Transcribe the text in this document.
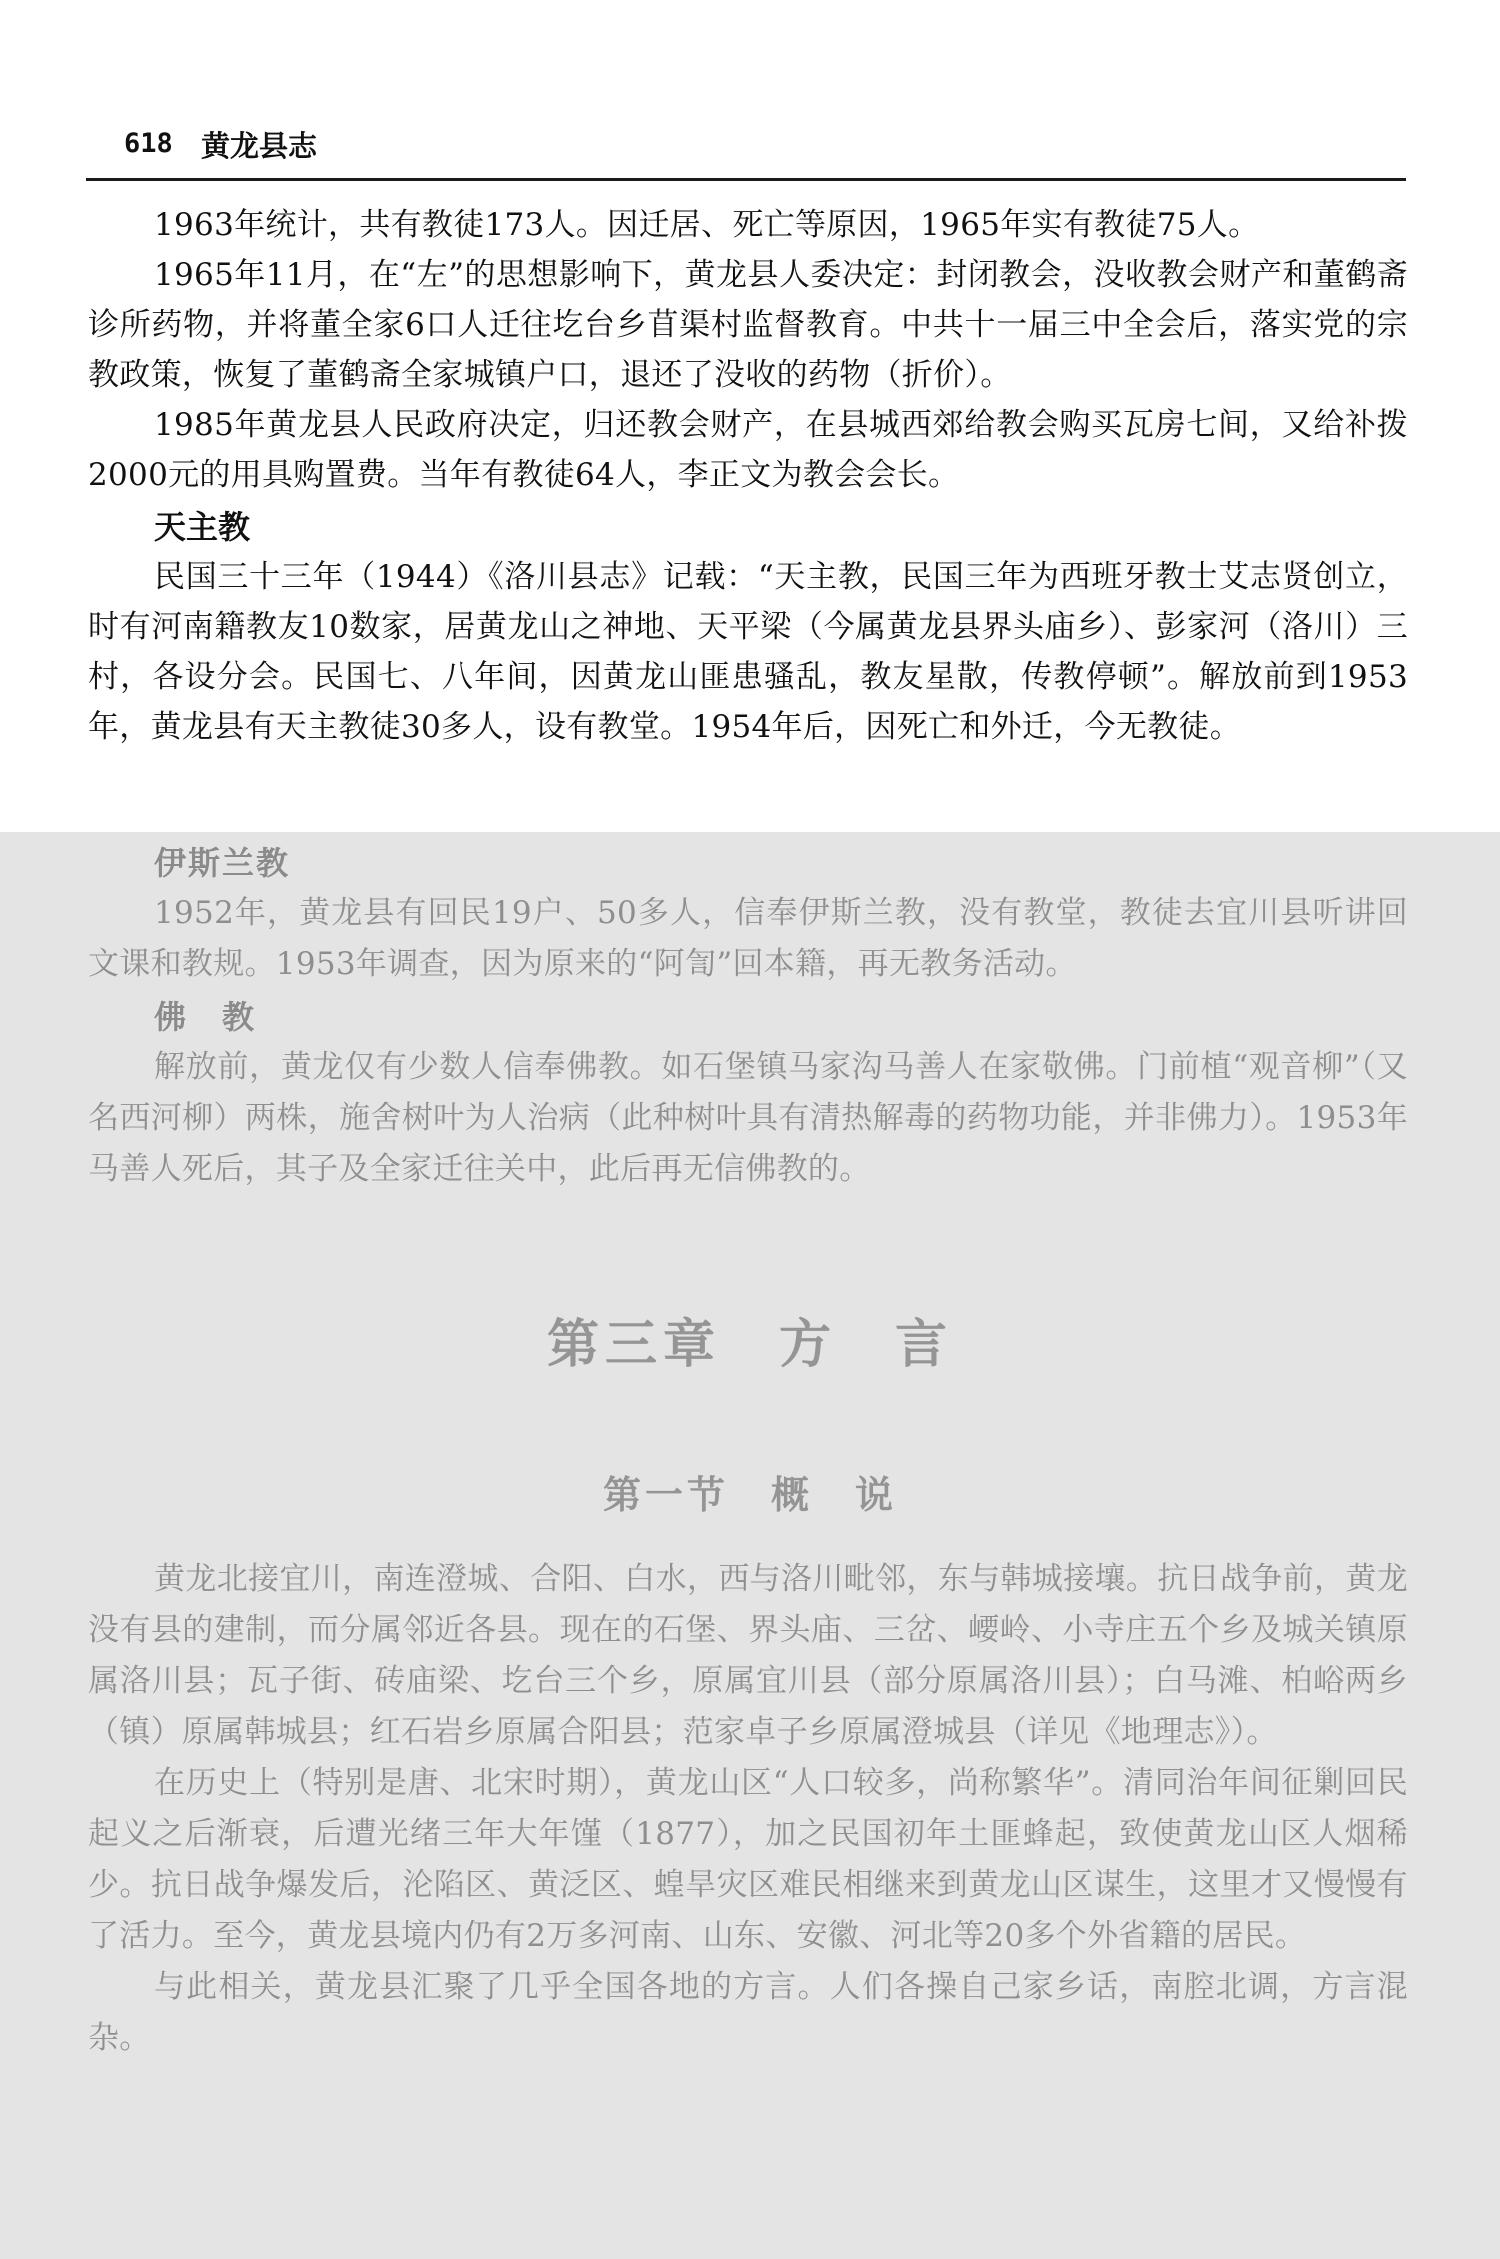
618 黄龙县志

1963年统计，共有教徒173人。因迁居、死亡等原因，1965年实有教徒75人。

1965年11月，在“左”的思想影响下，黄龙县人委决定：封闭教会，没收教会财产和董鹤斋诊所药物，并将董全家6口人迁往圪台乡苜渠村监督教育。中共十一届三中全会后，落实党的宗教政策，恢复了董鹤斋全家城镇户口，退还了没收的药物（折价）。

1985年黄龙县人民政府决定，归还教会财产，在县城西郊给教会购买瓦房七间，又给补拨2000元的用具购置费。当年有教徒64人，李正文为教会会长。

天主教

民国三十三年（1944）《洛川县志》记载：“天主教，民国三年为西班牙教士艾志贤创立，时有河南籍教友10数家，居黄龙山之神地、天平梁（今属黄龙县界头庙乡）、彭家河（洛川）三村，各设分会。民国七、八年间，因黄龙山匪患骚乱，教友星散，传教停顿”。解放前到1953年，黄龙县有天主教徒30多人，设有教堂。1954年后，因死亡和外迁，今无教徒。

伊斯兰教

1952年，黄龙县有回民19户、50多人，信奉伊斯兰教，没有教堂，教徒去宜川县听讲回文课和教规。1953年调查，因为原来的“阿訇”回本籍，再无教务活动。

佛　教

解放前，黄龙仅有少数人信奉佛教。如石堡镇马家沟马善人在家敬佛。门前植“观音柳”（又名西河柳）两株，施舍树叶为人治病（此种树叶具有清热解毒的药物功能，并非佛力）。1953年马善人死后，其子及全家迁往关中，此后再无信佛教的。

第三章　方　言
第一节　概　说

黄龙北接宜川，南连澄城、合阳、白水，西与洛川毗邻，东与韩城接壤。抗日战争前，黄龙没有县的建制，而分属邻近各县。现在的石堡、界头庙、三岔、崾岭、小寺庄五个乡及城关镇原属洛川县；瓦子街、砖庙梁、圪台三个乡，原属宜川县（部分原属洛川县）；白马滩、柏峪两乡（镇）原属韩城县；红石岩乡原属合阳县；范家卓子乡原属澄城县（详见《地理志》）。

在历史上（特别是唐、北宋时期），黄龙山区“人口较多，尚称繁华”。清同治年间征剿回民起义之后渐衰，后遭光绪三年大年馑（1877），加之民国初年土匪蜂起，致使黄龙山区人烟稀少。抗日战争爆发后，沦陷区、黄泛区、蝗旱灾区难民相继来到黄龙山区谋生，这里才又慢慢有了活力。至今，黄龙县境内仍有2万多河南、山东、安徽、河北等20多个外省籍的居民。

与此相关，黄龙县汇聚了几乎全国各地的方言。人们各操自己家乡话，南腔北调，方言混杂。
